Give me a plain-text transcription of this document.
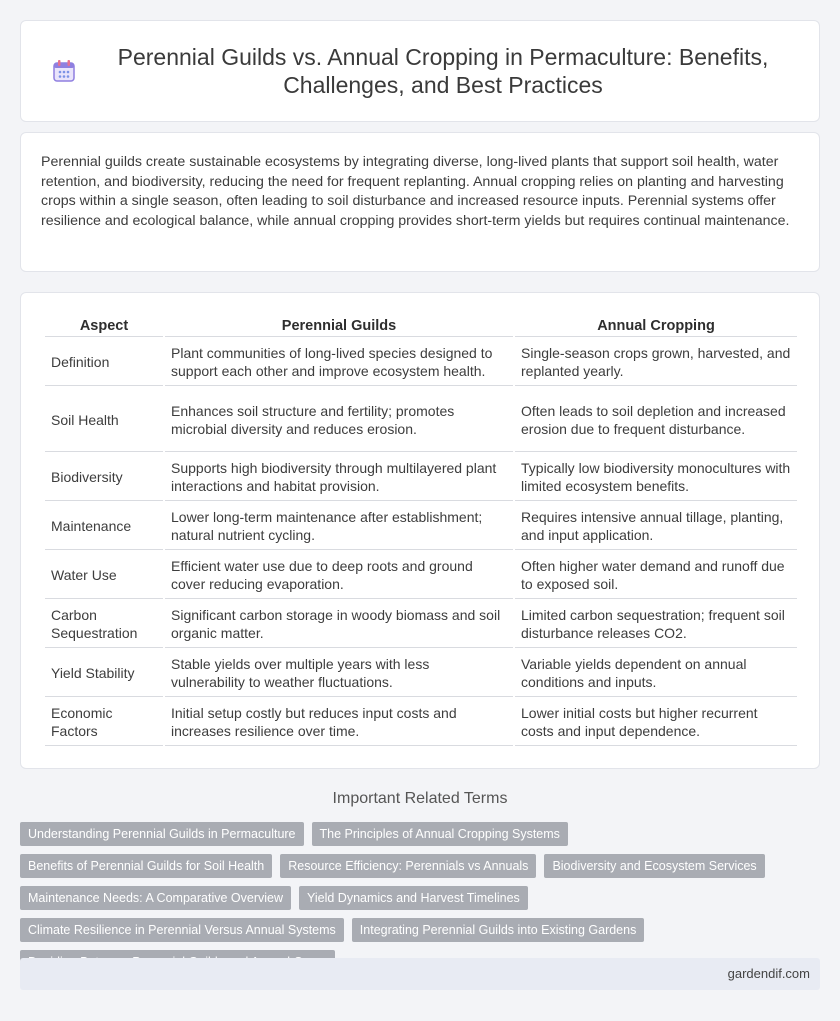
Perennial Guilds vs. Annual Cropping in Permaculture: Benefits, Challenges, and Best Practices

Perennial guilds create sustainable ecosystems by integrating diverse, long-lived plants that support soil health, water retention, and biodiversity, reducing the need for frequent replanting. Annual cropping relies on planting and harvesting crops within a single season, often leading to soil disturbance and increased resource inputs. Perennial systems offer resilience and ecological balance, while annual cropping provides short-term yields but requires continual maintenance.

Aspect	Perennial Guilds	Annual Cropping
Definition	Plant communities of long-lived species designed to support each other and improve ecosystem health.	Single-season crops grown, harvested, and replanted yearly.
Soil Health	Enhances soil structure and fertility; promotes microbial diversity and reduces erosion.	Often leads to soil depletion and increased erosion due to frequent disturbance.
Biodiversity	Supports high biodiversity through multilayered plant interactions and habitat provision.	Typically low biodiversity monocultures with limited ecosystem benefits.
Maintenance	Lower long-term maintenance after establishment; natural nutrient cycling.	Requires intensive annual tillage, planting, and input application.
Water Use	Efficient water use due to deep roots and ground cover reducing evaporation.	Often higher water demand and runoff due to exposed soil.
Carbon Sequestration	Significant carbon storage in woody biomass and soil organic matter.	Limited carbon sequestration; frequent soil disturbance releases CO2.
Yield Stability	Stable yields over multiple years with less vulnerability to weather fluctuations.	Variable yields dependent on annual conditions and inputs.
Economic Factors	Initial setup costly but reduces input costs and increases resilience over time.	Lower initial costs but higher recurrent costs and input dependence.
Important Related Terms
Understanding Perennial Guilds in Permaculture	The Principles of Annual Cropping Systems
Benefits of Perennial Guilds for Soil Health	Resource Efficiency: Perennials vs Annuals	Biodiversity and Ecosystem Services
Maintenance Needs: A Comparative Overview	Yield Dynamics and Harvest Timelines
Climate Resilience in Perennial Versus Annual Systems	Integrating Perennial Guilds into Existing Gardens
gardendif.com
